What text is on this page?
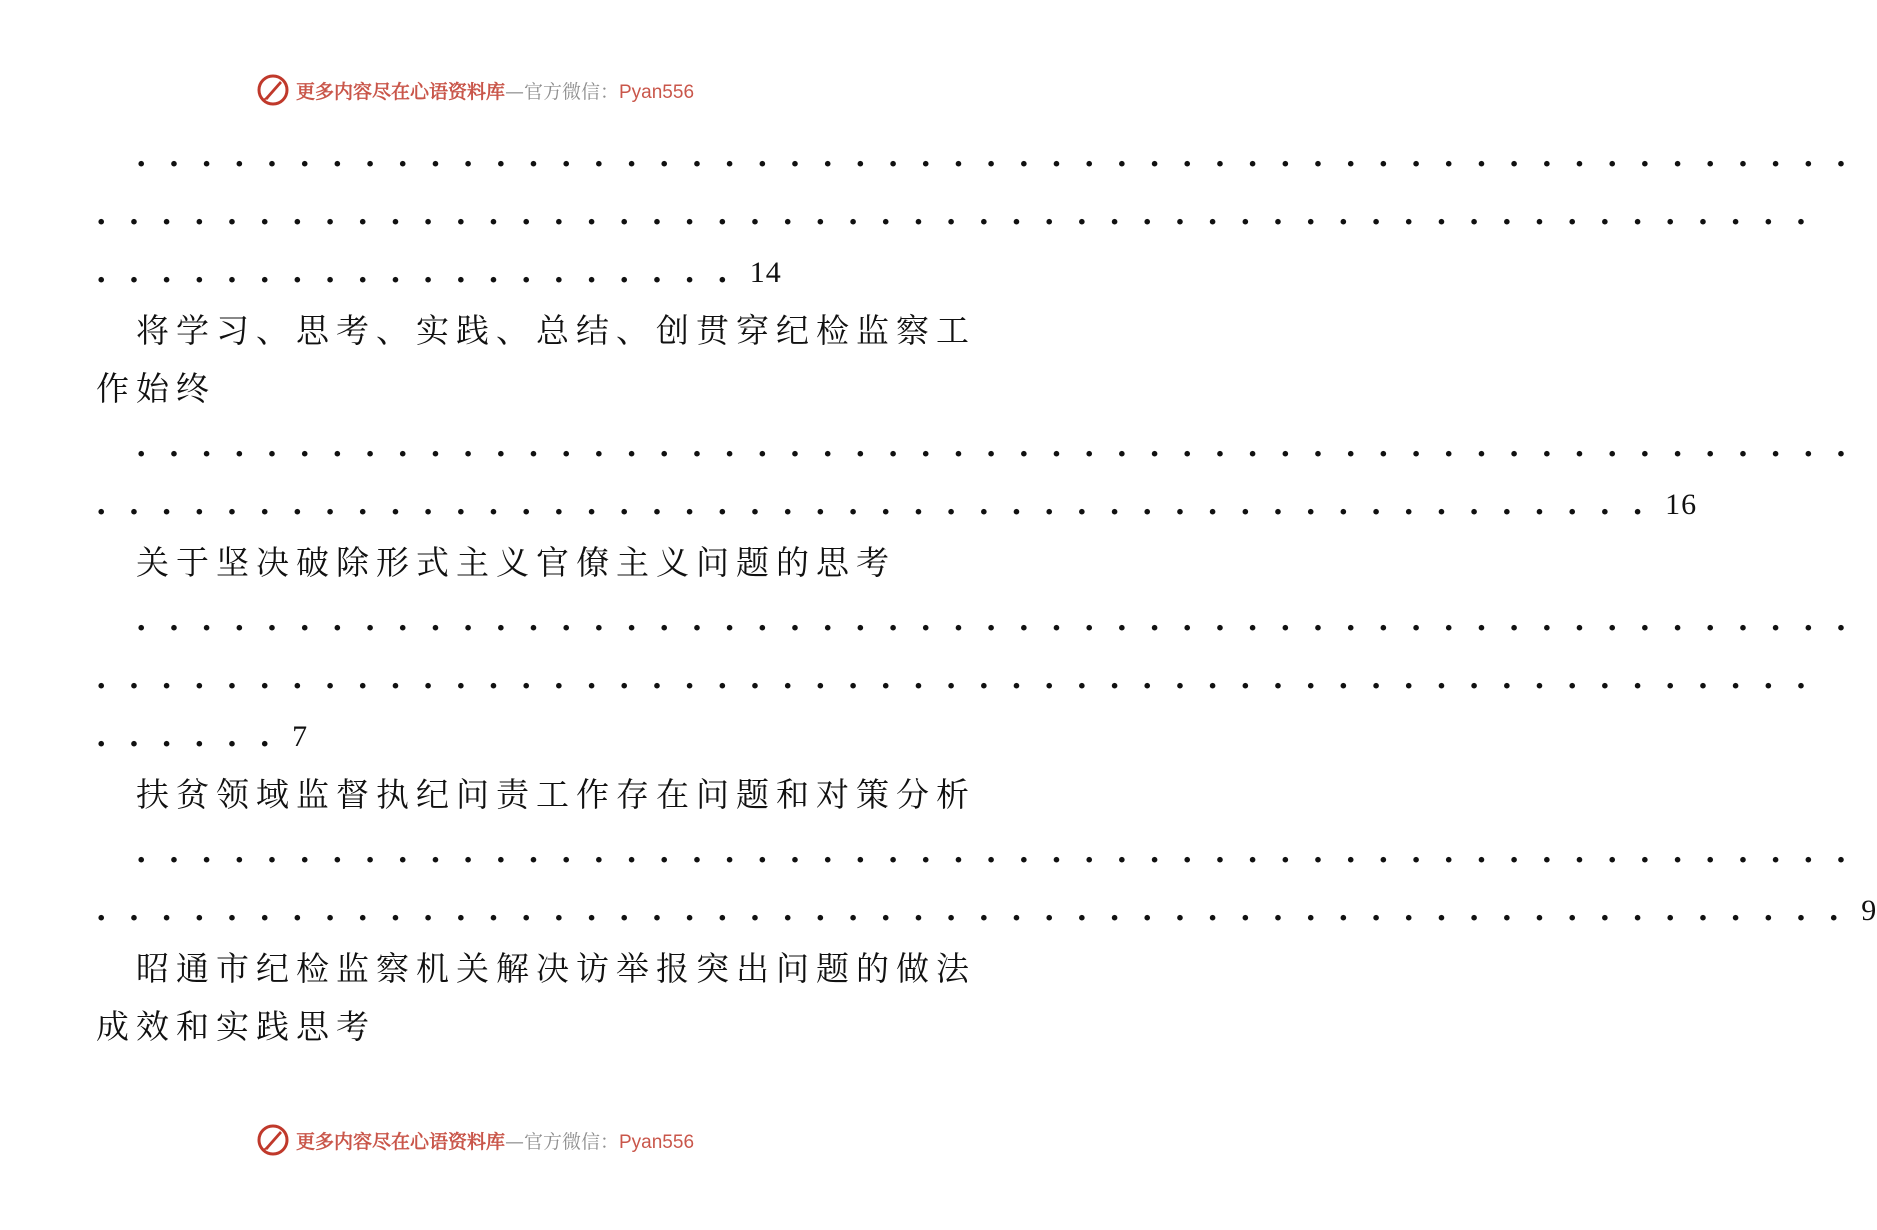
更多内容尽在心语资料库—官方微信：Pyan556
. . . . . . . . . . . . . . . . . . . . . . . . . . . . . . . . . . . . . . . . . . . . . . . . . . . . .
. . . . . . . . . . . . . . . . . . . . . . . . . . . . . . . . . . . . . . . . . . . . . . . . . . . . .
. . . . . . . . . . . . . . . . . . . . 14
将学习、思考、实践、总结、创贯穿纪检监察工
作始终
. . . . . . . . . . . . . . . . . . . . . . . . . . . . . . . . . . . . . . . . . . . . . . . . . . . . .
. . . . . . . . . . . . . . . . . . . . . . . . . . . . . . . . . . . . . . . . . . . . . . . . 16
关于坚决破除形式主义官僚主义问题的思考
. . . . . . . . . . . . . . . . . . . . . . . . . . . . . . . . . . . . . . . . . . . . . . . . . . . . .
. . . . . . . . . . . . . . . . . . . . . . . . . . . . . . . . . . . . . . . . . . . . . . . . . . . . .
. . . . . . 7
扶贫领域监督执纪问责工作存在问题和对策分析
. . . . . . . . . . . . . . . . . . . . . . . . . . . . . . . . . . . . . . . . . . . . . . . . . . . . .
. . . . . . . . . . . . . . . . . . . . . . . . . . . . . . . . . . . . . . . . . . . . . . . . . . . . . . 9
昭通市纪检监察机关解决访举报突出问题的做法
成效和实践思考
更多内容尽在心语资料库—官方微信：Pyan556
